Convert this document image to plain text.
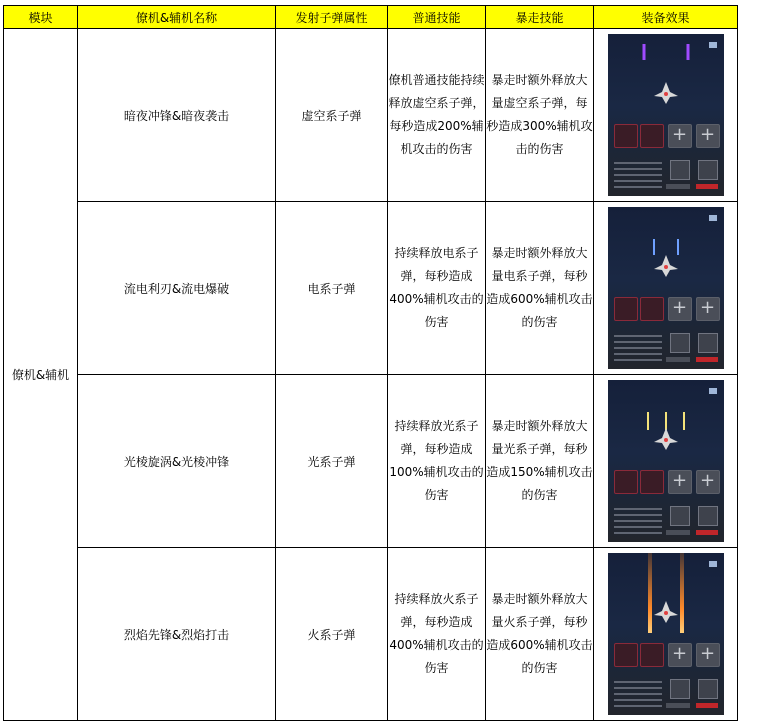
模块	僚机&辅机名称	发射子弹属性	普通技能	暴走技能	装备效果
僚机&辅机	暗夜冲锋&暗夜袭击	虚空系子弹	僚机普通技能持续释放虚空系子弹，每秒造成200%辅机攻击的伤害	暴走时额外释放大量虚空系子弹，每秒造成300%辅机攻击的伤害	
+
+

	流电利刃&流电爆破	电系子弹	持续释放电系子弹，每秒造成400%辅机攻击的伤害	暴走时额外释放大量电系子弹，每秒造成600%辅机攻击的伤害	
+
+

	光棱旋涡&光棱冲锋	光系子弹	持续释放光系子弹，每秒造成100%辅机攻击的伤害	暴走时额外释放大量光系子弹，每秒造成150%辅机攻击的伤害	
+
+

	烈焰先锋&烈焰打击	火系子弹	持续释放火系子弹，每秒造成400%辅机攻击的伤害	暴走时额外释放大量火系子弹，每秒造成600%辅机攻击的伤害	
+
+
